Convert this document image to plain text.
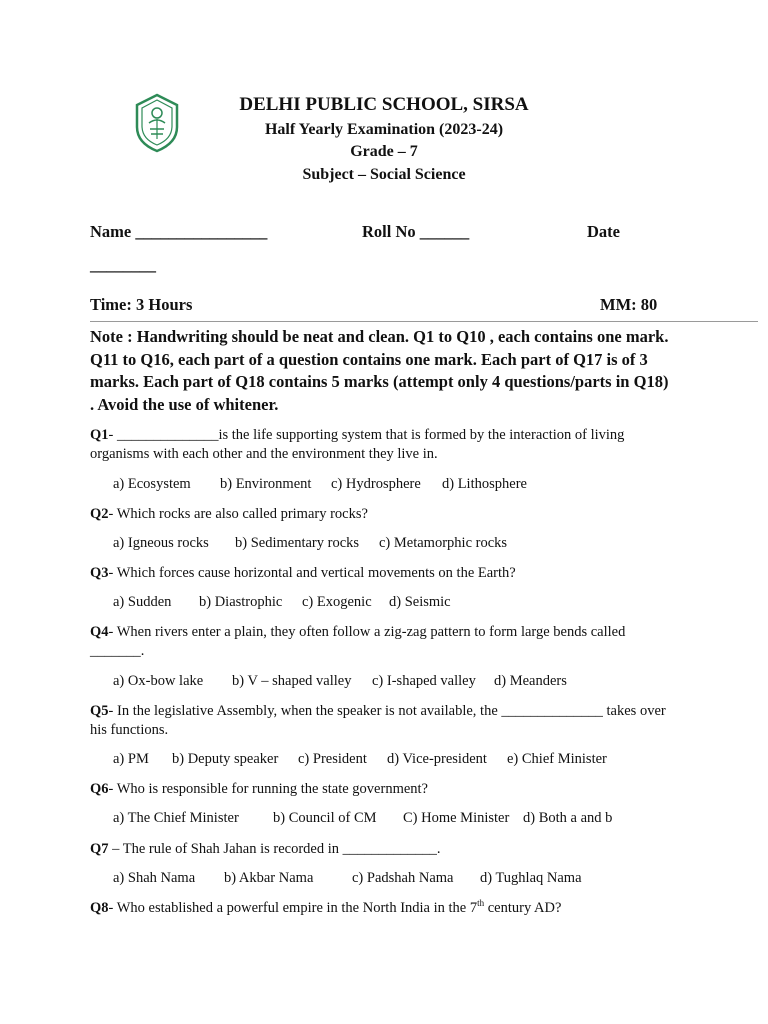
DELHI PUBLIC SCHOOL, SIRSA
Half Yearly Examination (2023-24)
Grade – 7
Subject – Social Science
Name ________________	Roll No ______	Date
________
Time: 3 Hours	MM: 80
Note : Handwriting should be neat and clean. Q1 to Q10 , each contains one mark. Q11 to Q16, each part of a question contains one mark. Each part of Q17 is of 3 marks. Each part of Q18 contains 5 marks (attempt only 4 questions/parts in Q18) . Avoid the use of whitener.
Q1- ______________is the life supporting system that is formed by the interaction of living organisms with each other and the environment they live in.
a) Ecosystem b) Environment c) Hydrosphere d) Lithosphere
Q2- Which rocks are also called primary rocks?
a) Igneous rocks b) Sedimentary rocks c) Metamorphic rocks
Q3- Which forces cause horizontal and vertical movements on the Earth?
a) Sudden b) Diastrophic c) Exogenic d) Seismic
Q4- When rivers enter a plain, they often follow a zig-zag pattern to form large bends called _______.
a) Ox-bow lake b) V – shaped valley c) I-shaped valley d) Meanders
Q5- In the legislative Assembly, when the speaker is not available, the ______________ takes over his functions.
a) PM b) Deputy speaker c) President d) Vice-president e) Chief Minister
Q6- Who is responsible for running the state government?
a) The Chief Minister b) Council of CM C) Home Minister d) Both a and b
Q7 – The rule of Shah Jahan is recorded in _____________.
a) Shah Nama b) Akbar Nama	c) Padshah Nama d) Tughlaq Nama
Q8- Who established a powerful empire in the North India in the 7th century AD?
